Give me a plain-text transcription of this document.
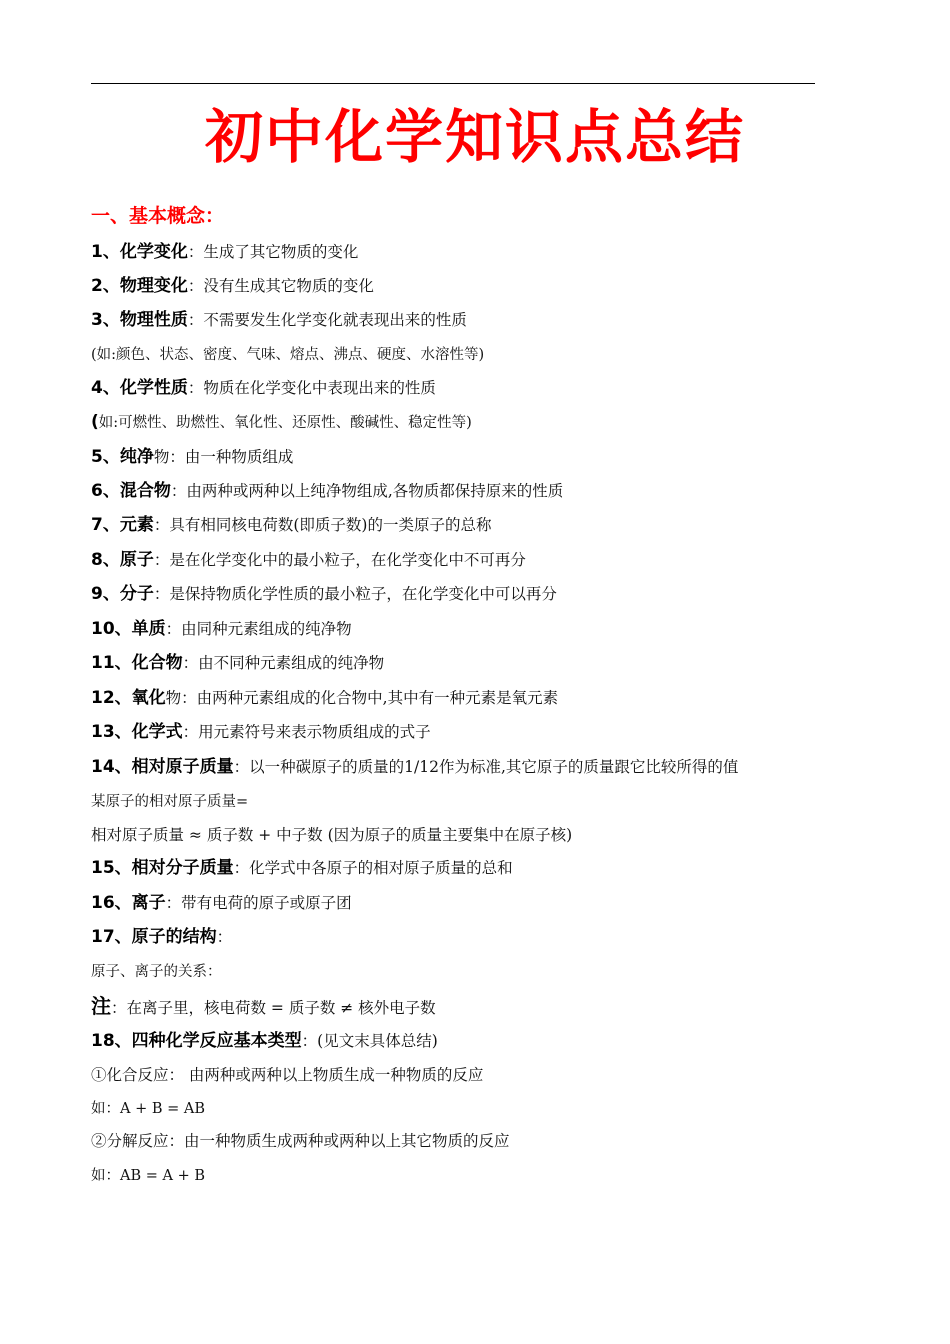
初中化学知识点总结
一、基本概念：
1、化学变化：生成了其它物质的变化
2、物理变化：没有生成其它物质的变化
3、物理性质：不需要发生化学变化就表现出来的性质
(如:颜色、状态、密度、气味、熔点、沸点、硬度、水溶性等)
4、化学性质：物质在化学变化中表现出来的性质
(如:可燃性、助燃性、氧化性、还原性、酸碱性、稳定性等)
5、纯净物：由一种物质组成
6、混合物：由两种或两种以上纯净物组成,各物质都保持原来的性质
7、元素：具有相同核电荷数(即质子数)的一类原子的总称
8、原子：是在化学变化中的最小粒子，在化学变化中不可再分
9、分子：是保持物质化学性质的最小粒子，在化学变化中可以再分
10、单质：由同种元素组成的纯净物
11、化合物：由不同种元素组成的纯净物
12、氧化物：由两种元素组成的化合物中,其中有一种元素是氧元素
13、化学式：用元素符号来表示物质组成的式子
14、相对原子质量：以一种碳原子的质量的1/12作为标准,其它原子的质量跟它比较所得的值
某原子的相对原子质量=
相对原子质量 ≈ 质子数 + 中子数 (因为原子的质量主要集中在原子核)
15、相对分子质量：化学式中各原子的相对原子质量的总和
16、离子：带有电荷的原子或原子团
17、原子的结构：
原子、离子的关系：
注：在离子里，核电荷数 = 质子数 ≠ 核外电子数
18、四种化学反应基本类型：(见文末具体总结)
①化合反应： 由两种或两种以上物质生成一种物质的反应
如：A + B = AB
②分解反应：由一种物质生成两种或两种以上其它物质的反应
如：AB = A + B
